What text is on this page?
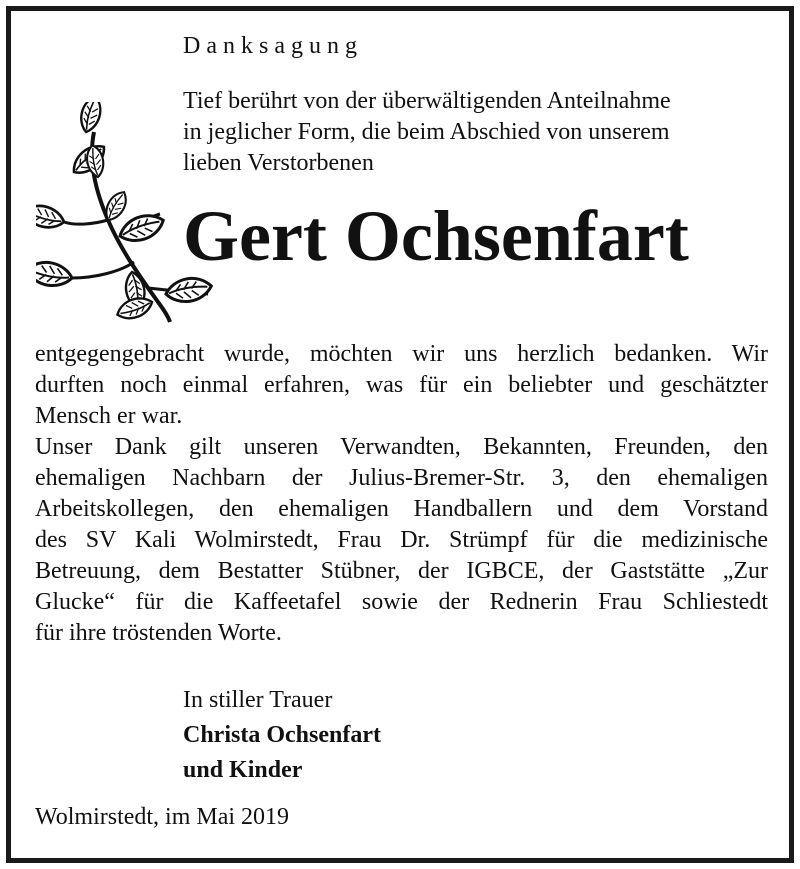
Danksagung
Tief berührt von der überwältigenden Anteilnahme
in jeglicher Form, die beim Abschied von unserem
lieben Verstorbenen
Gert Ochsenfart
entgegengebracht wurde, möchten wir uns herzlich bedanken. Wir
durften noch einmal erfahren, was für ein beliebter und geschätzter
Mensch er war.
Unser Dank gilt unseren Verwandten, Bekannten, Freunden, den
ehemaligen Nachbarn der Julius-Bremer-Str. 3, den ehemaligen
Arbeitskollegen, den ehemaligen Handballern und dem Vorstand
des SV Kali Wolmirstedt, Frau Dr. Strümpf für die medizinische
Betreuung, dem Bestatter Stübner, der IGBCE, der Gaststätte „Zur
Glucke“ für die Kaffeetafel sowie der Rednerin Frau Schliestedt
für ihre tröstenden Worte.
In stiller Trauer
Christa Ochsenfart
und Kinder
Wolmirstedt, im Mai 2019
